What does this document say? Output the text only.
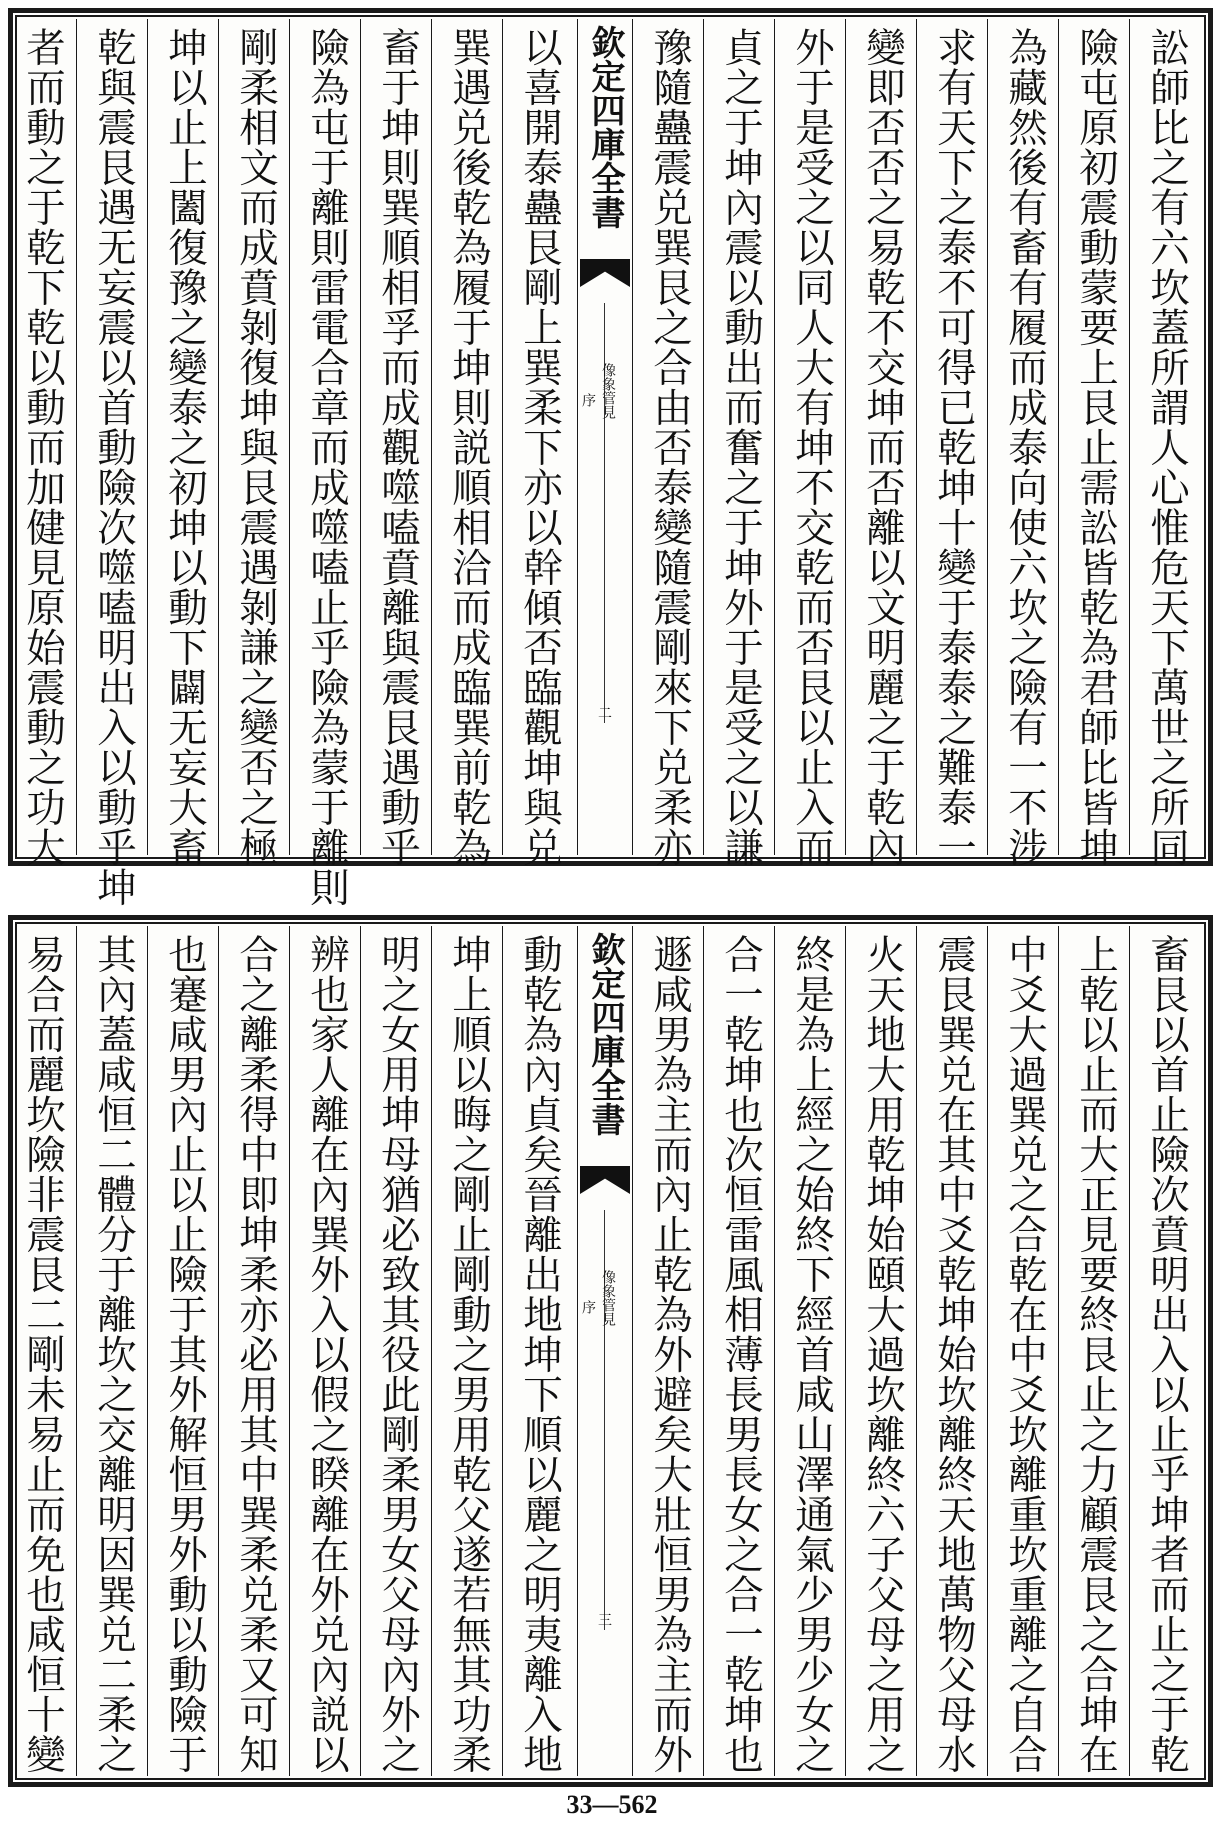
訟師比之有六坎蓋所謂人心惟危天下萬世之所同
險屯原初震動蒙要上艮止需訟皆乾為君師比皆坤
為藏然後有畜有履而成泰向使六坎之險有一不涉
求有天下之泰不可得已乾坤十變于泰泰之難泰一
變即否否之易乾不交坤而否離以文明麗之于乾內
外于是受之以同人大有坤不交乾而否艮以止入而
貞之于坤內震以動出而奮之于坤外于是受之以謙
豫隨蠱震兑巽艮之合由否泰變隨震剛來下兑柔亦
欽定四庫全書
像象管見
序
二
以喜開泰蠱艮剛上巽柔下亦以幹傾否臨觀坤與兑
巽遇兑後乾為履于坤則説順相洽而成臨巽前乾為
畜于坤則巽順相孚而成觀噬嗑賁離與震艮遇動乎
險為屯于離則雷電合章而成噬嗑止乎險為蒙于離則
剛柔相文而成賁剝復坤與艮震遇剝謙之變否之極
坤以止上闔復豫之變泰之初坤以動下闢无妄大畜
乾與震艮遇无妄震以首動險次噬嗑明出入以動乎坤
者而動之于乾下乾以動而加健見原始震動之功大
畜艮以首止險次賁明出入以止乎坤者而止之于乾
上乾以止而大正見要終艮止之力顧震艮之合坤在
中爻大過巽兑之合乾在中爻坎離重坎重離之自合
震艮巽兑在其中爻乾坤始坎離終天地萬物父母水
火天地大用乾坤始頤大過坎離終六子父母之用之
終是為上經之始終下經首咸山澤通氣少男少女之
合一乾坤也次恒雷風相薄長男長女之合一乾坤也
遯咸男為主而內止乾為外避矣大壯恒男為主而外
欽定四庫全書
像象管見
序
三
動乾為內貞矣晉離出地坤下順以麗之明夷離入地
坤上順以晦之剛止剛動之男用乾父遂若無其功柔
明之女用坤母猶必致其役此剛柔男女父母內外之
辨也家人離在內巽外入以假之睽離在外兑內説以
合之離柔得中即坤柔亦必用其中巽柔兑柔又可知
也蹇咸男內止以止險于其外解恒男外動以動險于
其內蓋咸恒二體分于離坎之交離明因巽兑二柔之
易合而麗坎險非震艮二剛未易止而免也咸恒十變
33—562
